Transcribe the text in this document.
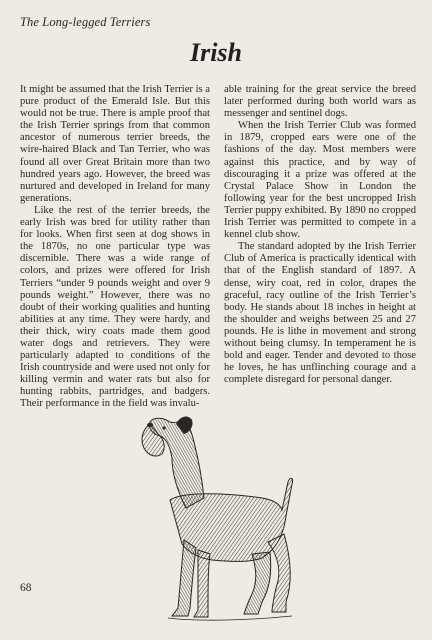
The Long-legged Terriers
Irish

It might be assumed that the Irish Terrier is a pure product of the Emerald Isle. But this would not be true. There is ample proof that the Irish Terrier springs from that common ancestor of numerous terrier breeds, the wire-haired Black and Tan Terrier, who was found all over Great Britain more than two hundred years ago. However, the breed was nurtured and developed in Ireland for many generations.

Like the rest of the terrier breeds, the early Irish was bred for utility rather than for looks. When first seen at dog shows in the 1870s, no one particular type was discernible. There was a wide range of colors, and prizes were offered for Irish Terriers “under 9 pounds weight and over 9 pounds weight.” However, there was no doubt of their working qualities and hunting abilities at any time. They were hardy, and their thick, wiry coats made them good water dogs and retrievers. They were particularly adapted to conditions of the Irish countryside and were used not only for killing vermin and water rats but also for hunting rabbits, partridges, and badgers. Their performance in the field was invalu-

able training for the great service the breed later performed during both world wars as messenger and sentinel dogs.

When the Irish Terrier Club was formed in 1879, cropped ears were one of the fashions of the day. Most members were against this practice, and by way of discouraging it a prize was offered at the Crystal Palace Show in London the following year for the best uncropped Irish Terrier puppy exhibited. By 1890 no cropped Irish Terrier was permitted to compete in a kennel club show.

The standard adopted by the Irish Terrier Club of America is practically identical with that of the English standard of 1897. A dense, wiry coat, red in color, drapes the graceful, racy outline of the Irish Terrier’s body. He stands about 18 inches in height at the shoulder and weighs between 25 and 27 pounds. He is lithe in movement and strong without being clumsy. In temperament he is bold and eager. Tender and devoted to those he loves, he has unflinching courage and a complete disregard for personal danger.

68
